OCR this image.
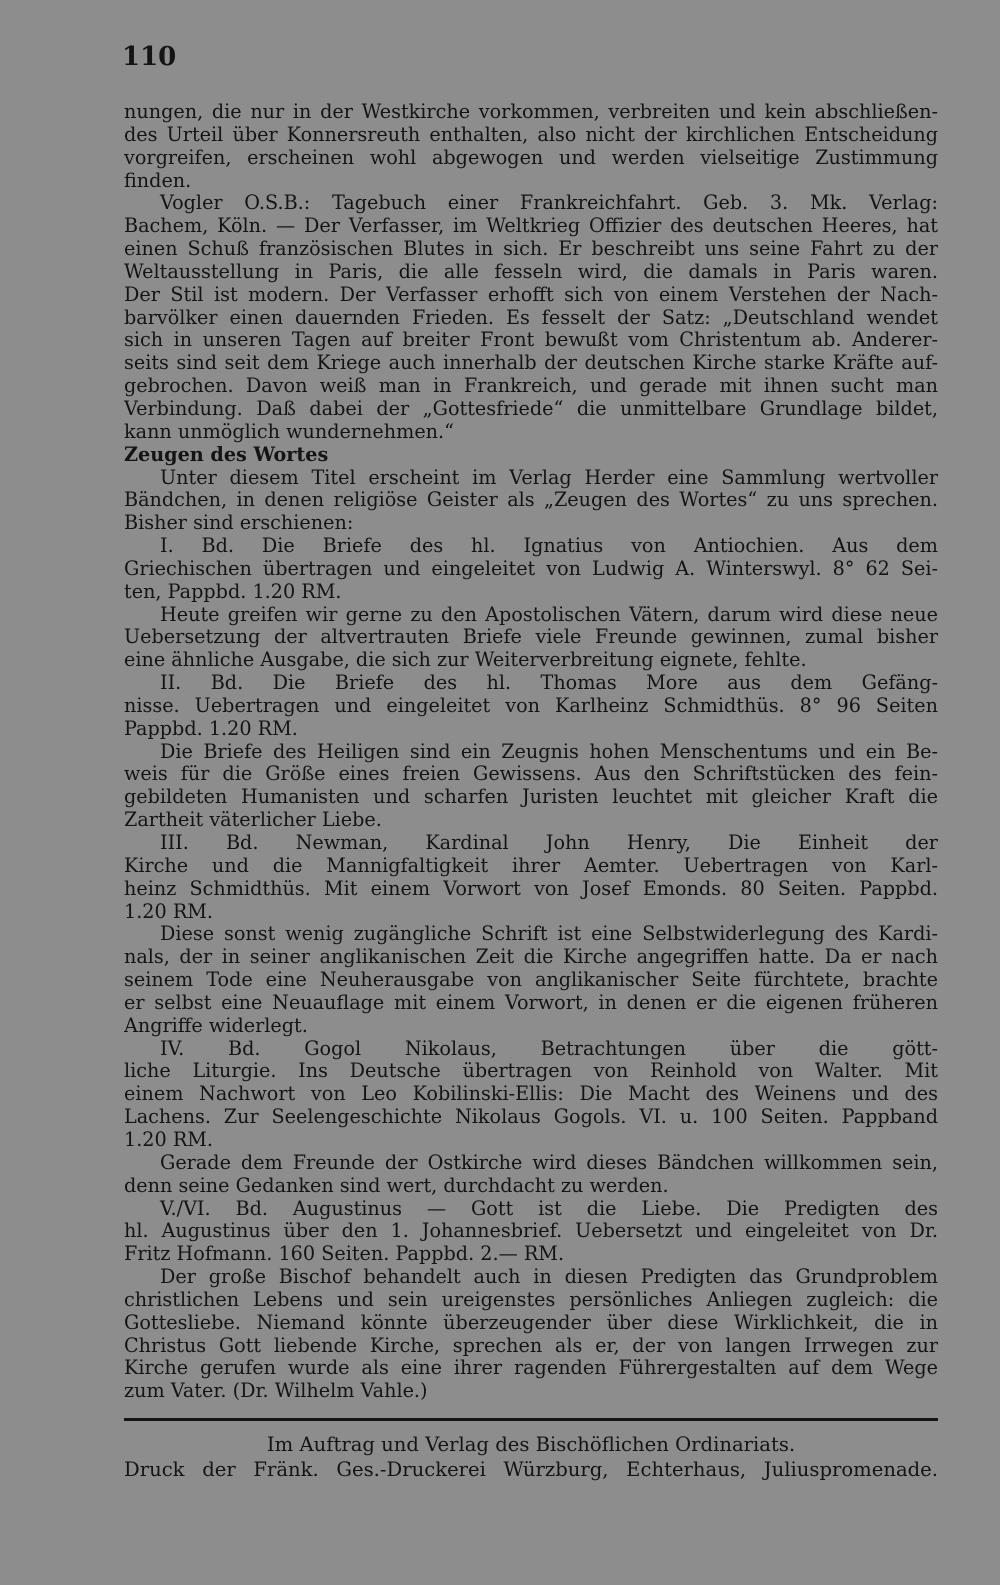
110
nungen, die nur in der Westkirche vorkommen, verbreiten und kein abschließen-
des Urteil über Konnersreuth enthalten, also nicht der kirchlichen Entscheidung
vorgreifen, erscheinen wohl abgewogen und werden vielseitige Zustimmung
finden.
Vogler O.S.B.: Tagebuch einer Frankreichfahrt. Geb. 3. Mk. Verlag:
Bachem, Köln. — Der Verfasser, im Weltkrieg Offizier des deutschen Heeres, hat
einen Schuß französischen Blutes in sich. Er beschreibt uns seine Fahrt zu der
Weltausstellung in Paris, die alle fesseln wird, die damals in Paris waren.
Der Stil ist modern. Der Verfasser erhofft sich von einem Verstehen der Nach-
barvölker einen dauernden Frieden. Es fesselt der Satz: „Deutschland wendet
sich in unseren Tagen auf breiter Front bewußt vom Christentum ab. Anderer-
seits sind seit dem Kriege auch innerhalb der deutschen Kirche starke Kräfte auf-
gebrochen. Davon weiß man in Frankreich, und gerade mit ihnen sucht man
Verbindung. Daß dabei der „Gottesfriede“ die unmittelbare Grundlage bildet,
kann unmöglich wundernehmen.“
Zeugen des Wortes
Unter diesem Titel erscheint im Verlag Herder eine Sammlung wertvoller
Bändchen, in denen religiöse Geister als „Zeugen des Wortes“ zu uns sprechen.
Bisher sind erschienen:
I. Bd. Die Briefe des hl. Ignatius von Antiochien. Aus dem
Griechischen übertragen und eingeleitet von Ludwig A. Winterswyl. 8° 62 Sei-
ten, Pappbd. 1.20 RM.
Heute greifen wir gerne zu den Apostolischen Vätern, darum wird diese neue
Uebersetzung der altvertrauten Briefe viele Freunde gewinnen, zumal bisher
eine ähnliche Ausgabe, die sich zur Weiterverbreitung eignete, fehlte.
II. Bd. Die Briefe des hl. Thomas More aus dem Gefäng-
nisse. Uebertragen und eingeleitet von Karlheinz Schmidthüs. 8° 96 Seiten
Pappbd. 1.20 RM.
Die Briefe des Heiligen sind ein Zeugnis hohen Menschentums und ein Be-
weis für die Größe eines freien Gewissens. Aus den Schriftstücken des fein-
gebildeten Humanisten und scharfen Juristen leuchtet mit gleicher Kraft die
Zartheit väterlicher Liebe.
III. Bd. Newman, Kardinal John Henry, Die Einheit der
Kirche und die Mannigfaltigkeit ihrer Aemter. Uebertragen von Karl-
heinz Schmidthüs. Mit einem Vorwort von Josef Emonds. 80 Seiten. Pappbd.
1.20 RM.
Diese sonst wenig zugängliche Schrift ist eine Selbstwiderlegung des Kardi-
nals, der in seiner anglikanischen Zeit die Kirche angegriffen hatte. Da er nach
seinem Tode eine Neuherausgabe von anglikanischer Seite fürchtete, brachte
er selbst eine Neuauflage mit einem Vorwort, in denen er die eigenen früheren
Angriffe widerlegt.
IV. Bd. Gogol Nikolaus, Betrachtungen über die gött-
liche Liturgie. Ins Deutsche übertragen von Reinhold von Walter. Mit
einem Nachwort von Leo Kobilinski-Ellis: Die Macht des Weinens und des
Lachens. Zur Seelengeschichte Nikolaus Gogols. VI. u. 100 Seiten. Pappband
1.20 RM.
Gerade dem Freunde der Ostkirche wird dieses Bändchen willkommen sein,
denn seine Gedanken sind wert, durchdacht zu werden.
V./VI. Bd. Augustinus — Gott ist die Liebe. Die Predigten des
hl. Augustinus über den 1. Johannesbrief. Uebersetzt und eingeleitet von Dr.
Fritz Hofmann. 160 Seiten. Pappbd. 2.— RM.
Der große Bischof behandelt auch in diesen Predigten das Grundproblem
christlichen Lebens und sein ureigenstes persönliches Anliegen zugleich: die
Gottesliebe. Niemand könnte überzeugender über diese Wirklichkeit, die in
Christus Gott liebende Kirche, sprechen als er, der von langen Irrwegen zur
Kirche gerufen wurde als eine ihrer ragenden Führergestalten auf dem Wege
zum Vater. (Dr. Wilhelm Vahle.)
Im Auftrag und Verlag des Bischöflichen Ordinariats.
Druck der Fränk. Ges.-Druckerei Würzburg, Echterhaus, Juliuspromenade.
